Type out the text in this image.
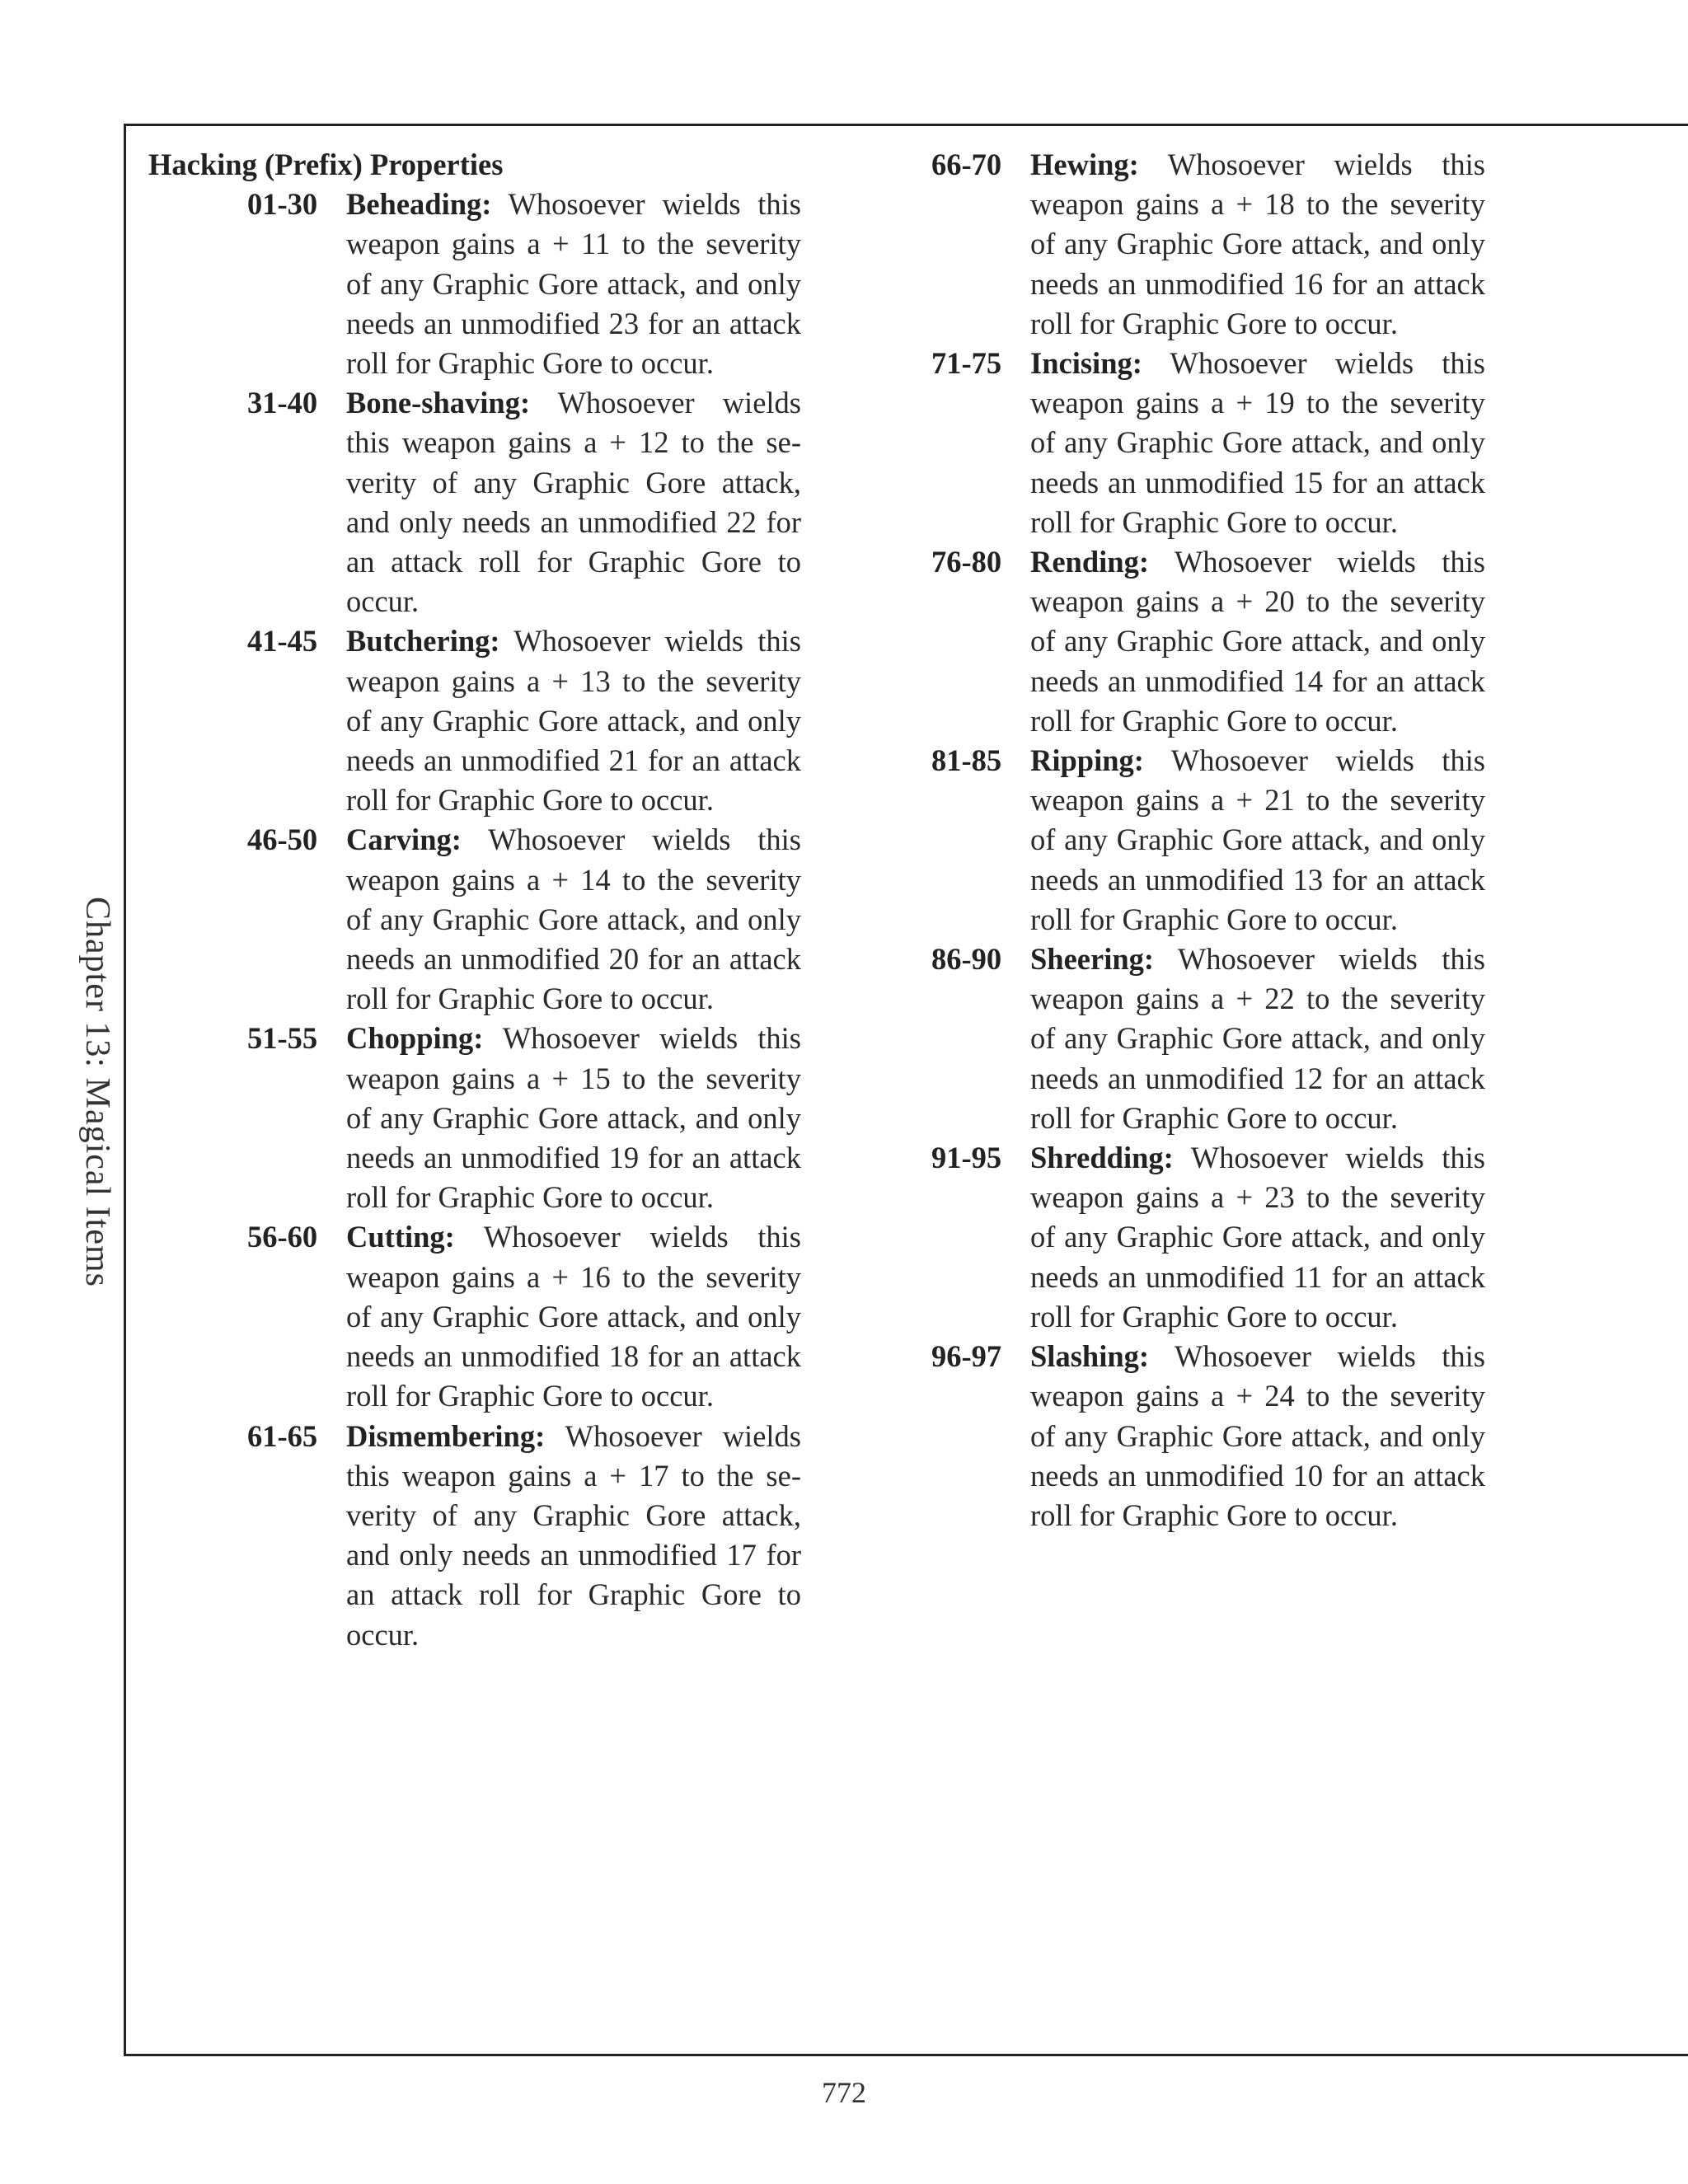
Chapter 13: Magical Items
Hacking (Prefix) Properties
01-30 Beheading: Whosoever wields this weapon gains a + 11 to the severity of any Graphic Gore attack, and only needs an unmodified 23 for an attack roll for Graphic Gore to occur.
31-40 Bone-shaving: Whosoever wields this weapon gains a + 12 to the severity of any Graphic Gore attack, and only needs an unmodified 22 for an attack roll for Graphic Gore to occur.
41-45 Butchering: Whosoever wields this weapon gains a + 13 to the severity of any Graphic Gore attack, and only needs an unmodified 21 for an attack roll for Graphic Gore to occur.
46-50 Carving: Whosoever wields this weapon gains a + 14 to the severity of any Graphic Gore attack, and only needs an unmodified 20 for an attack roll for Graphic Gore to occur.
51-55 Chopping: Whosoever wields this weapon gains a + 15 to the severity of any Graphic Gore attack, and only needs an unmodified 19 for an attack roll for Graphic Gore to occur.
56-60 Cutting: Whosoever wields this weapon gains a + 16 to the severity of any Graphic Gore attack, and only needs an unmodified 18 for an attack roll for Graphic Gore to occur.
61-65 Dismembering: Whosoever wields this weapon gains a + 17 to the severity of any Graphic Gore attack, and only needs an unmodified 17 for an attack roll for Graphic Gore to occur.
66-70 Hewing: Whosoever wields this weapon gains a + 18 to the severity of any Graphic Gore attack, and only needs an unmodified 16 for an attack roll for Graphic Gore to occur.
71-75 Incising: Whosoever wields this weapon gains a + 19 to the severity of any Graphic Gore attack, and only needs an unmodified 15 for an attack roll for Graphic Gore to occur.
76-80 Rending: Whosoever wields this weapon gains a + 20 to the severity of any Graphic Gore attack, and only needs an unmodified 14 for an attack roll for Graphic Gore to occur.
81-85 Ripping: Whosoever wields this weapon gains a + 21 to the severity of any Graphic Gore attack, and only needs an unmodified 13 for an attack roll for Graphic Gore to occur.
86-90 Sheering: Whosoever wields this weapon gains a + 22 to the severity of any Graphic Gore attack, and only needs an unmodified 12 for an attack roll for Graphic Gore to occur.
91-95 Shredding: Whosoever wields this weapon gains a + 23 to the severity of any Graphic Gore attack, and only needs an unmodified 11 for an attack roll for Graphic Gore to occur.
96-97 Slashing: Whosoever wields this weapon gains a + 24 to the severity of any Graphic Gore attack, and only needs an unmodified 10 for an attack roll for Graphic Gore to occur.
772
